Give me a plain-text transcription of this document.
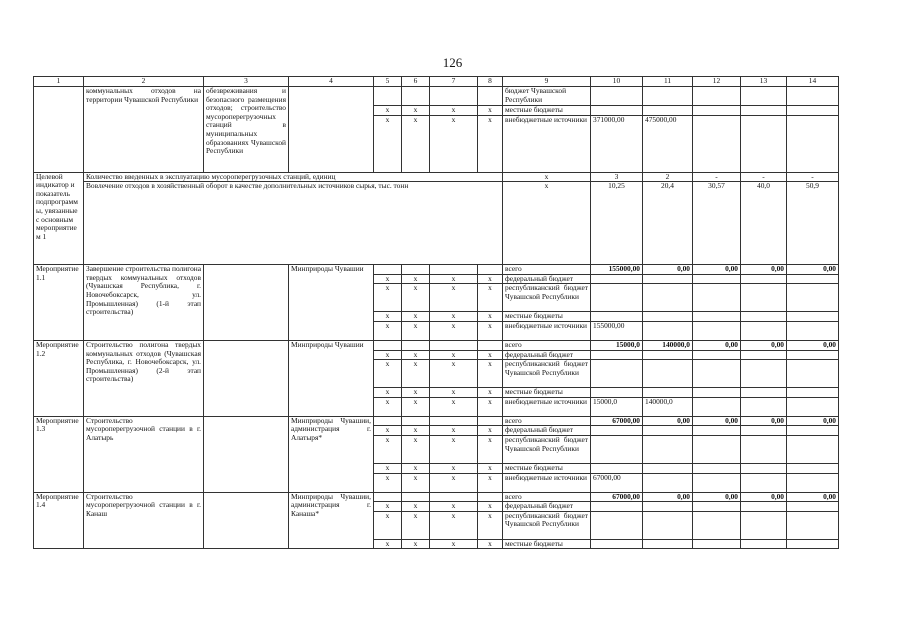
126
1	2	3	4	5	6	7	8	9	10	11	12	13	14
	коммунальных отходов на территории Чувашской Республики	обезвреживания и безопасного размещения отходов; строительство мусороперегрузочных станций в муниципальных образованиях Чувашской Республики						бюджет Чувашской Республики					
				x	x	x	x	местные бюджеты					
				x	x	x	x	внебюджетные источники	371000,00	475000,00			
Целевой индикатор и показатель подпрограммы, увязанные с основным мероприятием 1	Количество введенных в эксплуатацию мусороперегрузочных станций, единиц							x	3	2	-	-	-
	Вовлечение отходов в хозяйственный оборот в качестве дополнительных источников сырья, тыс. тонн							x	10,25	20,4	30,57	40,0	50,9
Мероприятие 1.1	Завершение строительства полигона твердых коммунальных отходов (Чувашская Республика, г. Новочебоксарск, ул. Промышленная) (1-й этап строительства)		Минприроды Чувашии					всего	155000,00	0,00	0,00	0,00	0,00
				x	x	x	x	федеральный бюджет					
				x	x	x	x	республиканский бюджет Чувашской Республики					
				x	x	x	x	местные бюджеты					
				x	x	x	x	внебюджетные источники	155000,00				
Мероприятие 1.2	Строительство полигона твердых коммунальных отходов (Чувашская Республика, г. Новочебоксарск, ул. Промышленная) (2-й этап строительства)		Минприроды Чувашии					всего	15000,0	140000,0	0,00	0,00	0,00
				x	x	x	x	федеральный бюджет					
				x	x	x	x	республиканский бюджет Чувашской Республики					
				x	x	x	x	местные бюджеты					
				x	x	x	x	внебюджетные источники	15000,0	140000,0			
Мероприятие 1.3	Строительство мусороперегрузочной станции в г. Алатырь		Минприроды Чувашии, администрация г. Алатыря*					всего	67000,00	0,00	0,00	0,00	0,00
				x	x	x	x	федеральный бюджет					
				x	x	x	x	республиканский бюджет Чувашской Республики					
				x	x	x	x	местные бюджеты					
				x	x	x	x	внебюджетные источники	67000,00				
Мероприятие 1.4	Строительство мусороперегрузочной станции в г. Канаш		Минприроды Чувашии, администрация г. Канаша*					всего	67000,00	0,00	0,00	0,00	0,00
				x	x	x	x	федеральный бюджет					
				x	x	x	x	республиканский бюджет Чувашской Республики					
				x	x	x	x	местные бюджеты					
